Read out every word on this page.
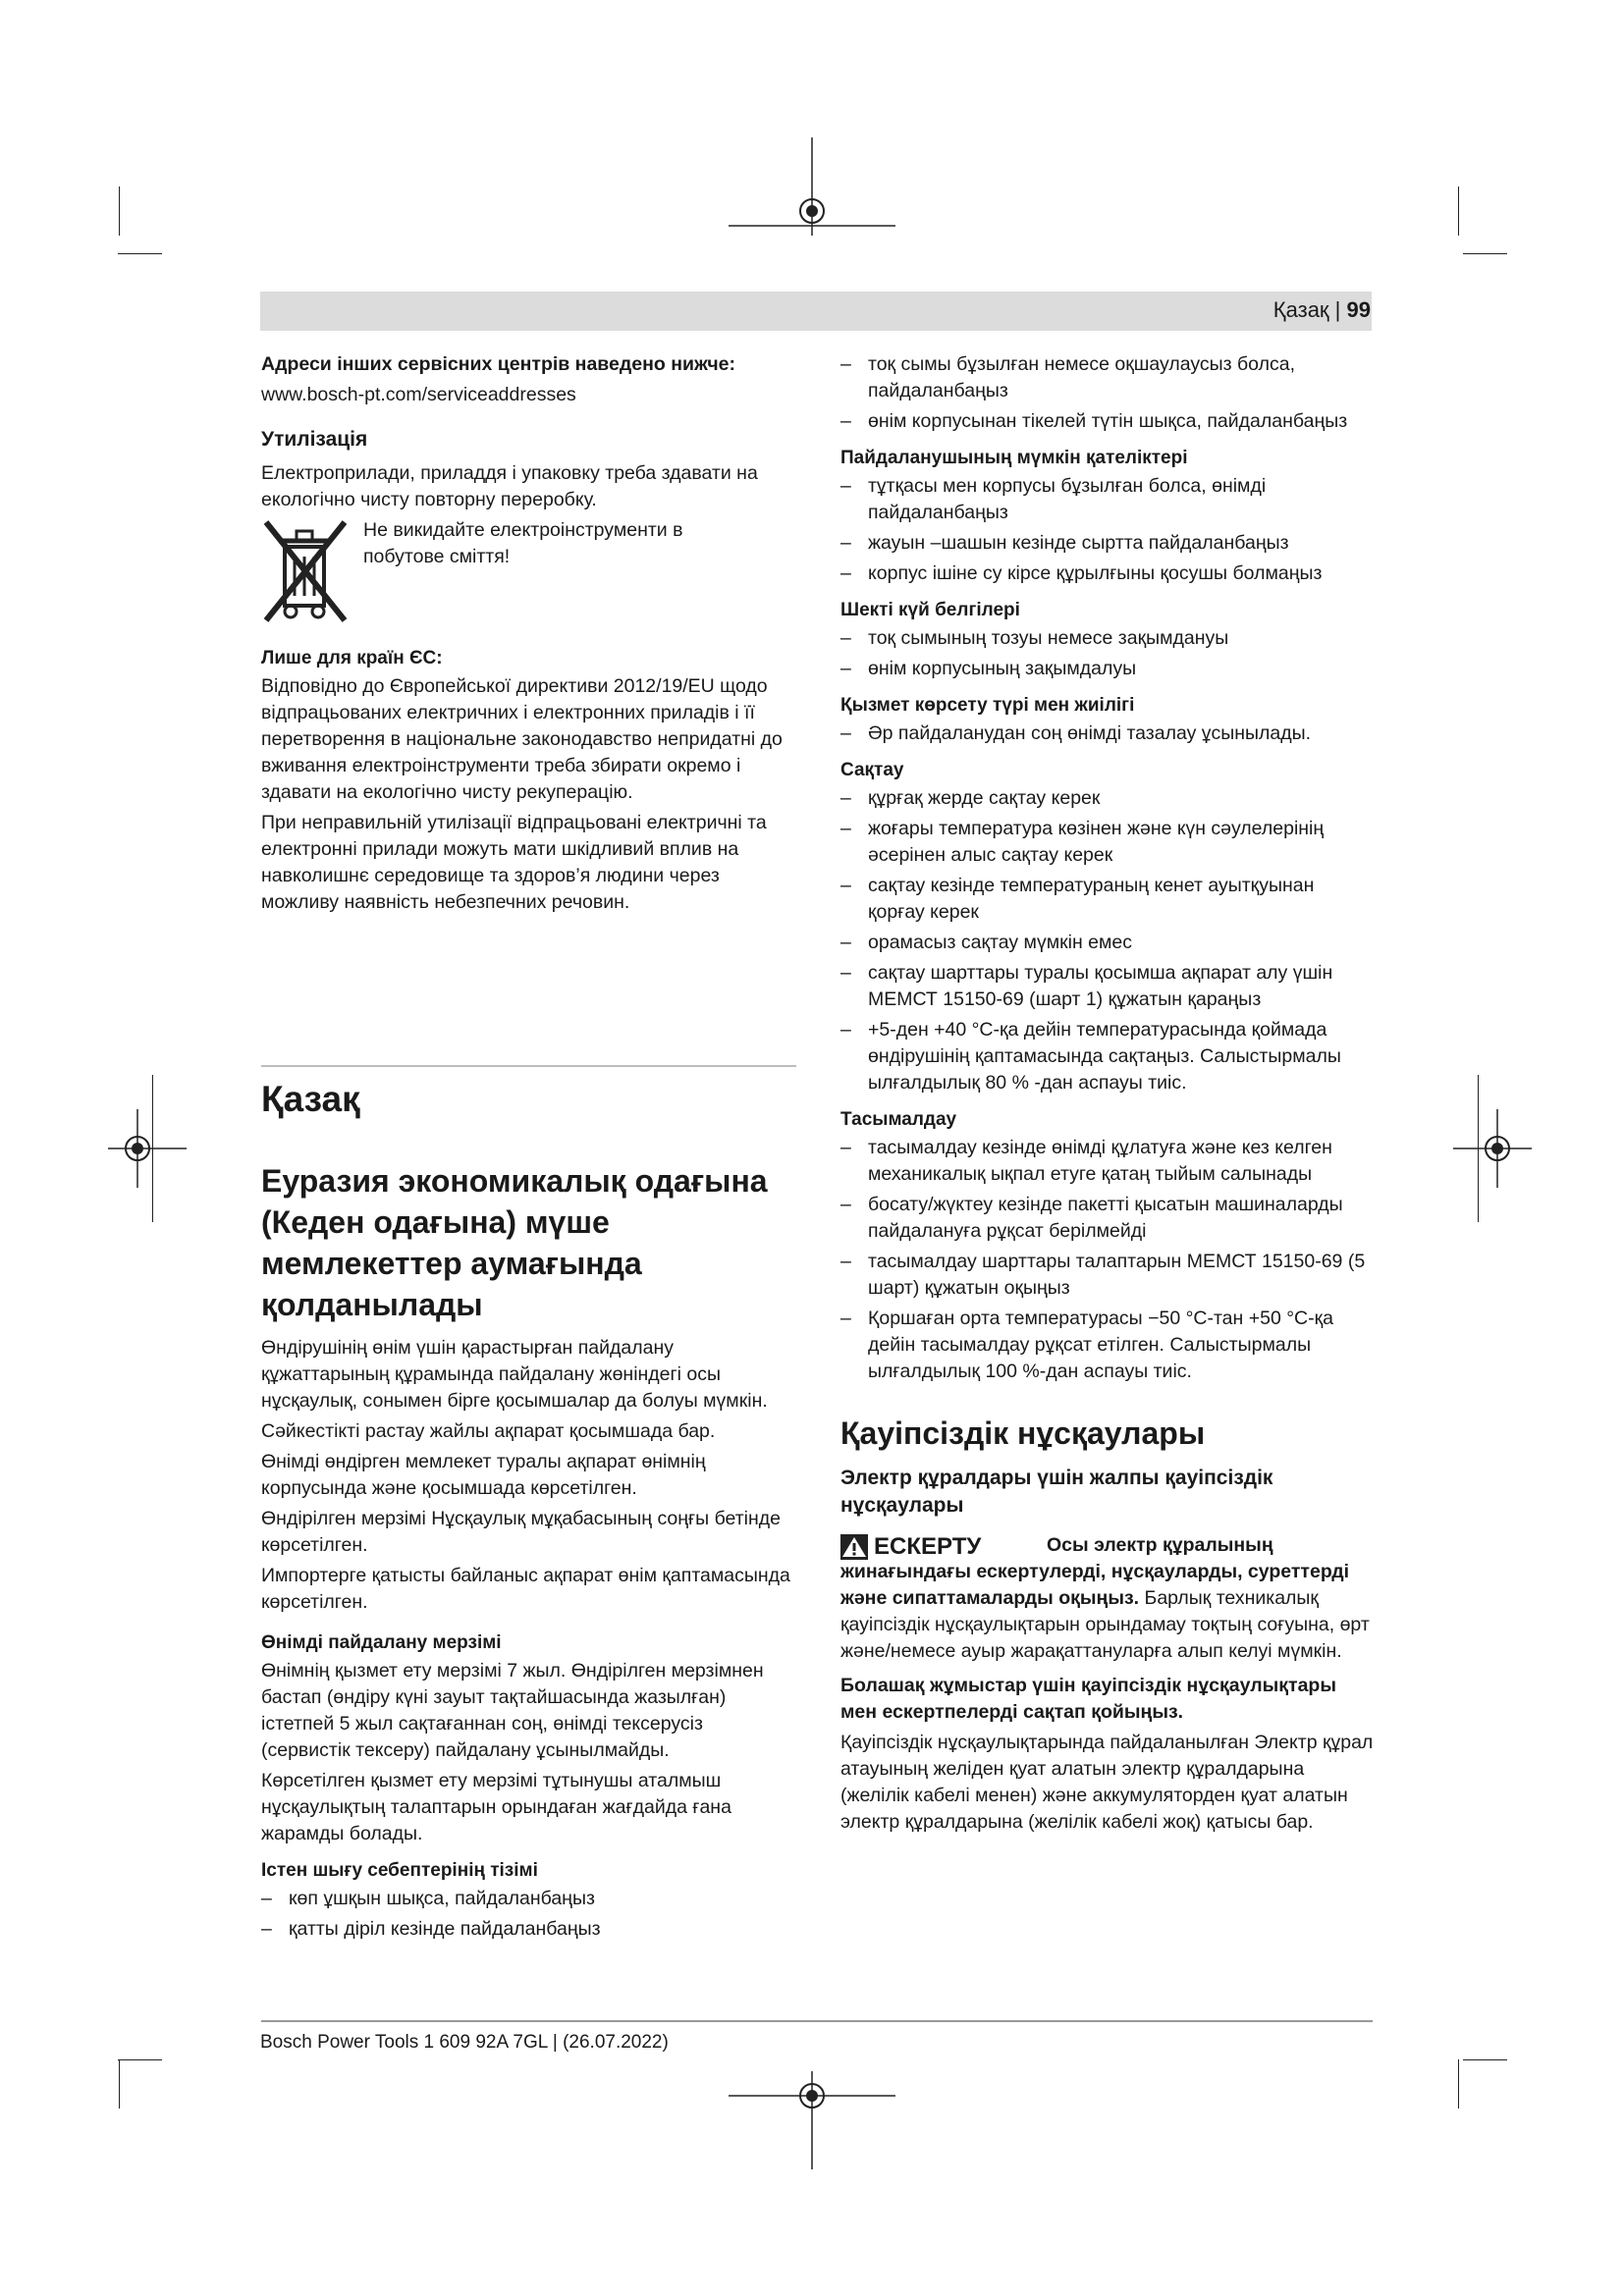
Қазақ | 99

Адреси інших сервісних центрів наведено нижче:

www.bosch-pt.com/serviceaddresses

Утилізація

Електроприлади, приладдя і упаковку треба здавати на екологічно чисту повторну переробку.

Не викидайте електроінструменти в побутове сміття!

Лише для країн ЄС:

Відповідно до Європейської директиви 2012/19/EU щодо відпрацьованих електричних і електронних приладів і її перетворення в національне законодавство непридатні до вживання електроінструменти треба збирати окремо і здавати на екологічно чисту рекуперацію.

При неправильній утилізації відпрацьовані електричні та електронні прилади можуть мати шкідливий вплив на навколишнє середовище та здоров’я людини через можливу наявність небезпечних речовин.

Қазақ
Еуразия экономикалық одағына (Кеден одағына) мүше мемлекеттер аумағында қолданылады

Өндірушінің өнім үшін қарастырған пайдалану құжаттарының құрамында пайдалану жөніндегі осы нұсқаулық, сонымен бірге қосымшалар да болуы мүмкін.

Сәйкестікті растау жайлы ақпарат қосымшада бар.

Өнімді өндірген мемлекет туралы ақпарат өнімнің корпусында және қосымшада көрсетілген.

Өндірілген мерзімі Нұсқаулық мұқабасының соңғы бетінде көрсетілген.

Импортерге қатысты байланыс ақпарат өнім қаптамасында көрсетілген.

Өнімді пайдалану мерзімі

Өнімнің қызмет ету мерзімі 7 жыл. Өндірілген мерзімнен бастап (өндіру күні зауыт тақтайшасында жазылған) істетпей 5 жыл сақтағаннан соң, өнімді тексерусіз (сервистік тексеру) пайдалану ұсынылмайды.

Көрсетілген қызмет ету мерзімі тұтынушы аталмыш нұсқаулықтың талаптарын орындаған жағдайда ғана жарамды болады.

Істен шығу себептерінің тізімі
– көп ұшқын шықса, пайдаланбаңыз
– қатты діріл кезінде пайдаланбаңыз
– тоқ сымы бұзылған немесе оқшаулаусыз болса, пайдаланбаңыз
– өнім корпусынан тікелей түтін шықса, пайдаланбаңыз
Пайдаланушының мүмкін қателіктері
– тұтқасы мен корпусы бұзылған болса, өнімді пайдаланбаңыз
– жауын –шашын кезінде сыртта пайдаланбаңыз
– корпус ішіне су кірсе құрылғыны қосушы болмаңыз
Шекті күй белгілері
– тоқ сымының тозуы немесе зақымдануы
– өнім корпусының зақымдалуы
Қызмет көрсету түрі мен жиілігі
– Әр пайдаланудан соң өнімді тазалау ұсынылады.
Сақтау
– құрғақ жерде сақтау керек
– жоғары температура көзінен және күн сәулелерінің әсерінен алыс сақтау керек
– сақтау кезінде температураның кенет ауытқуынан қорғау керек
– орамасыз сақтау мүмкін емес
– сақтау шарттары туралы қосымша ақпарат алу үшін МЕМСТ 15150-69 (шарт 1) құжатын қараңыз
– +5-ден +40 °C-қа дейін температурасында қоймада өндірушінің қаптамасында сақтаңыз. Салыстырмалы ылғалдылық 80 % -дан аспауы тиіс.
Тасымалдау
– тасымалдау кезінде өнімді құлатуға және кез келген механикалық ықпал етуге қатаң тыйым салынады
– босату/жүктеу кезінде пакетті қысатын машиналарды пайдалануға рұқсат берілмейді
– тасымалдау шарттары талаптарын МЕМСТ 15150-69 (5 шарт) құжатын оқыңыз
– Қоршаған орта температурасы −50 °C-тан +50 °C-қа дейін тасымалдау рұқсат етілген. Салыстырмалы ылғалдылық 100 %-дан аспауы тиіс.
Қауіпсіздік нұсқаулары
Электр құралдары үшін жалпы қауіпсіздік нұсқаулары
ЕСКЕРТУ	Осы электр құралының жинағындағы ескертулерді, нұсқауларды, суреттерді және сипаттамаларды оқыңыз. Барлық техникалық қауіпсіздік нұсқаулықтарын орындамау тоқтың соғуына, өрт және/немесе ауыр жарақаттануларға алып келуі мүмкін.

Болашақ жұмыстар үшін қауіпсіздік нұсқаулықтары мен ескертпелерді сақтап қойыңыз.

Қауіпсіздік нұсқаулықтарында пайдаланылған Электр құрал атауының желіден қуат алатын электр құралдарына (желілік кабелі менен) және аккумуляторден қуат алатын электр құралдарына (желілік кабелі жоқ) қатысы бар.

Bosch Power Tools 1 609 92A 7GL | (26.07.2022)
